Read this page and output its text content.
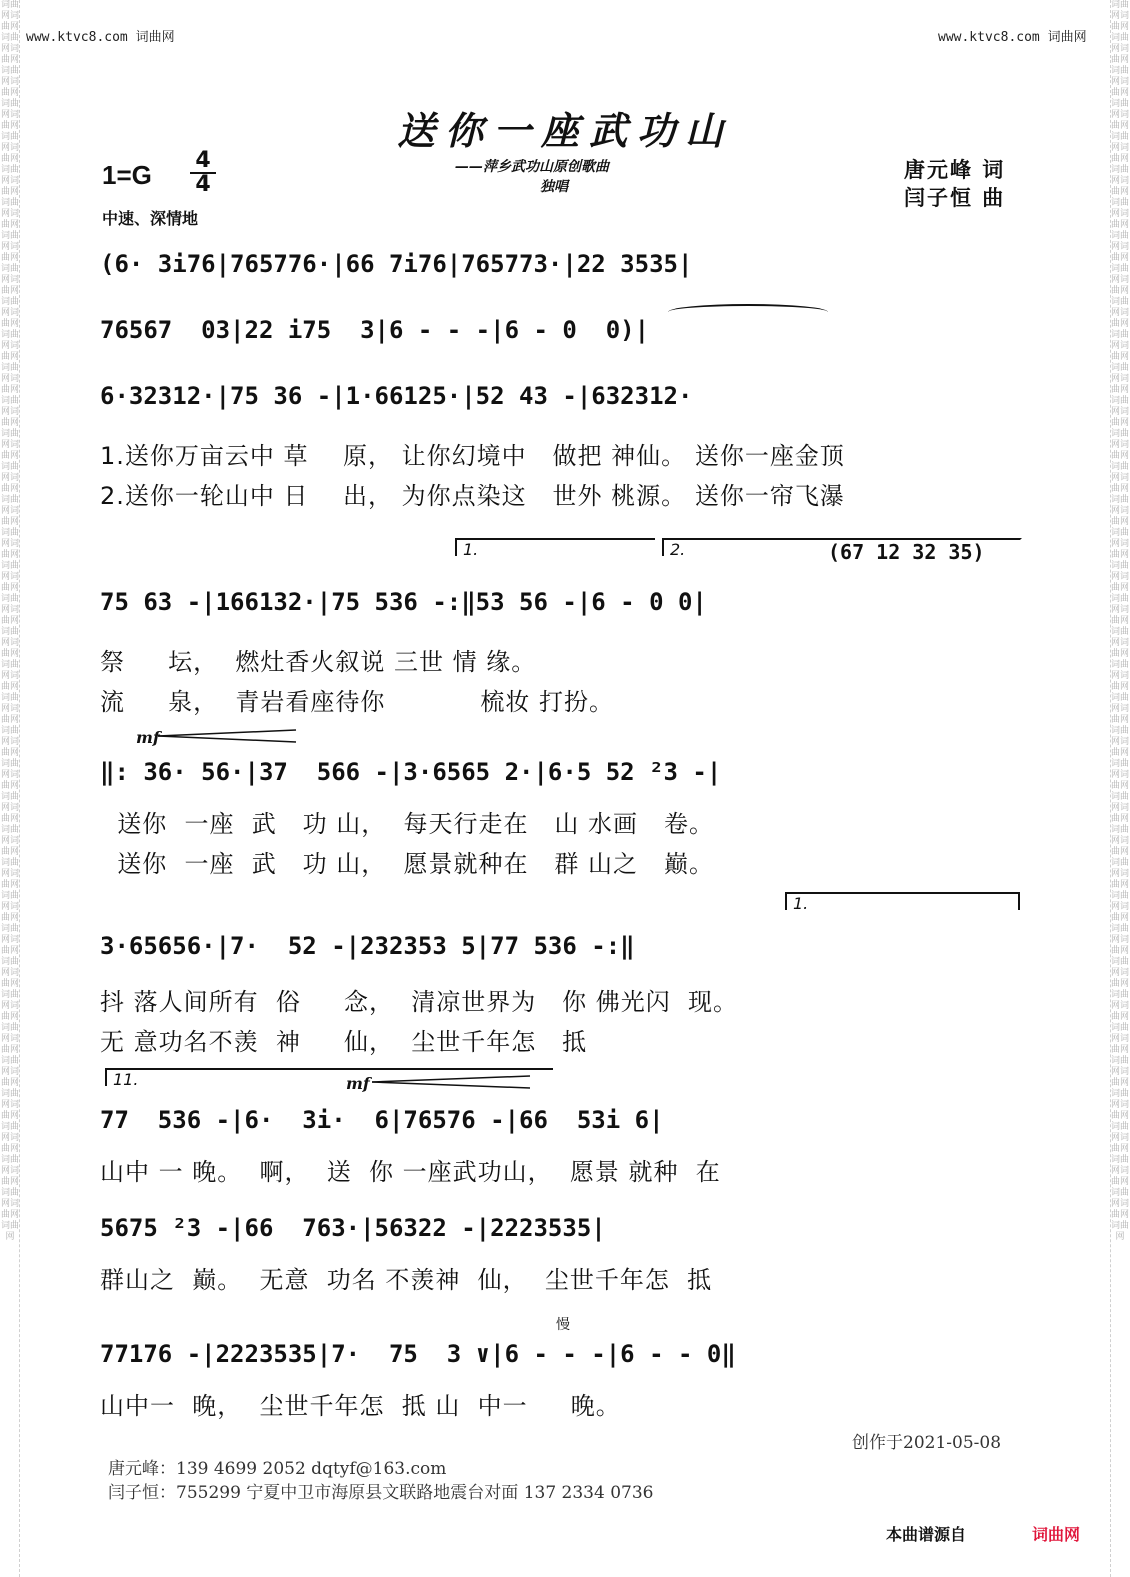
词曲网词曲网词曲网词曲网词曲网词曲网词曲网词曲网词曲网词曲网词曲网词曲网词曲网词曲网词曲网词曲网词曲网词曲网词曲网词曲网词曲网词曲网词曲网词曲网词曲网词曲网词曲网词曲网词曲网词曲网词曲网词曲网词曲网词曲网词曲网词曲网词曲网词曲网词曲网词曲网词曲网词曲网词曲网词曲网词曲网词曲网词曲网词曲网词曲网词曲网词曲网词曲网词曲网词曲网词曲网词曲网词曲网词曲网词曲网词曲网词曲网词曲网词曲网词曲网词曲网词曲网词曲网词曲网词曲网词曲网词曲网词曲网词曲网词曲网词曲网
词曲网词曲网词曲网词曲网词曲网词曲网词曲网词曲网词曲网词曲网词曲网词曲网词曲网词曲网词曲网词曲网词曲网词曲网词曲网词曲网词曲网词曲网词曲网词曲网词曲网词曲网词曲网词曲网词曲网词曲网词曲网词曲网词曲网词曲网词曲网词曲网词曲网词曲网词曲网词曲网词曲网词曲网词曲网词曲网词曲网词曲网词曲网词曲网词曲网词曲网词曲网词曲网词曲网词曲网词曲网词曲网词曲网词曲网词曲网词曲网词曲网词曲网词曲网词曲网词曲网词曲网词曲网词曲网词曲网词曲网词曲网词曲网词曲网词曲网词曲网
www.ktvc8.com 词曲网	www.ktvc8.com 词曲网
送你一座武功山
——萍乡武功山原创歌曲
独唱
1=G 4
4
中速、深情地
唐元峰 词
闫子恒 曲
(6· 3i76|765776·|66 7i76|765773·|22 3535|
76567  03|22 i75  3|6 - - -|6 - 0  0)|
6·32312·|75 36 -|1·66125·|52 43 -|632312·
1.送你万亩云中 草    原， 让你幻境中   做把 神仙。 送你一座金顶
2.送你一轮山中 日    出， 为你点染这   世外 桃源。 送你一帘飞瀑
1.	2.	(67 12 32 35)
75 63 -|166132·|75 536 -:‖53 56 -|6 - 0 0|
祭     坛，  燃灶香火叙说 三世 情 缘。
流     泉，  青岩看座待你           梳妆 打扮。
mf
‖: 36· 56·|37  566 -|3·6565 2·|6·5 52 ²3 -|
送你  一座  武   功 山，  每天行走在   山 水画   卷。
送你  一座  武   功 山，  愿景就种在   群 山之   巅。
1.
3·65656·|7·  52 -|232353 5|77 536 -:‖
抖 落人间所有  俗     念，  清凉世界为   你 佛光闪  现。
无 意功名不羡  神     仙，  尘世千年怎   抵
11.	mf
77  536 -|6·  3i·  6|76576 -|66  53i 6|
山中 一 晚。  啊，  送  你 一座武功山，  愿景 就种  在
5675 ²3 -|66  763·|56322 -|2223535|
群山之  巅。  无意  功名 不羡神  仙，  尘世千年怎  抵
慢
77176 -|2223535|7·  75  3 ∨|6 - - -|6 - - 0‖
山中一  晚，  尘世千年怎  抵 山  中一     晚。
创作于2021-05-08
唐元峰：139 4699 2052 dqtyf@163.com
闫子恒：755299 宁夏中卫市海原县文联路地震台对面 137 2334 0736
本曲谱源自	词曲网
